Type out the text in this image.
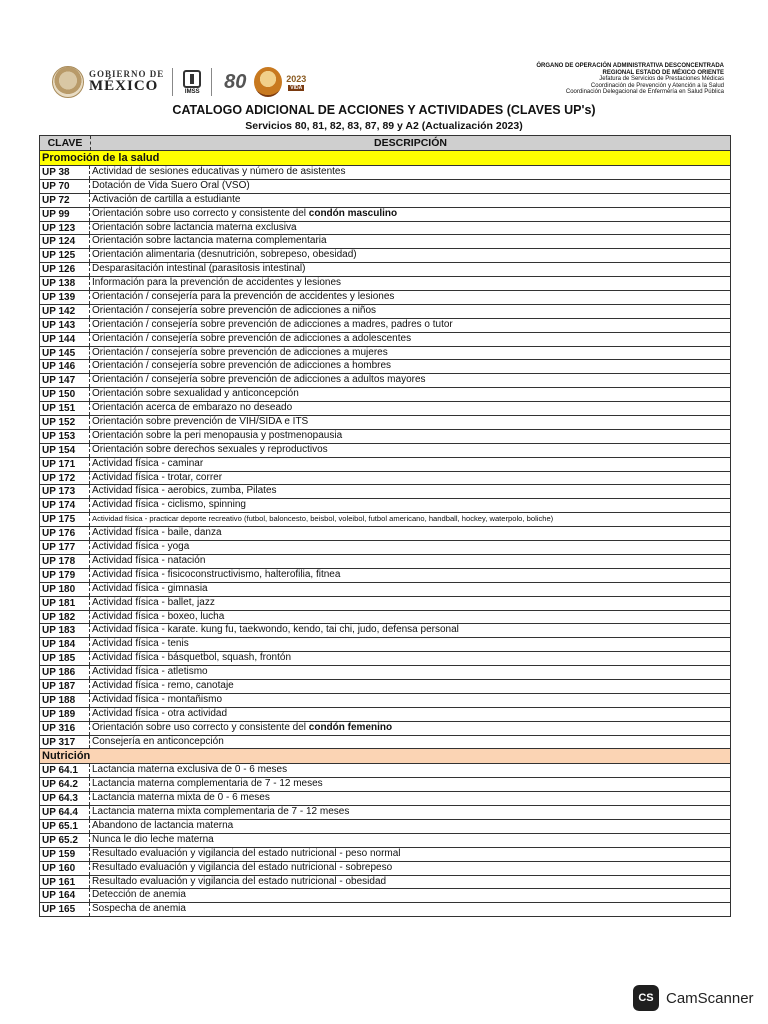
GOBIERNO DE
MÉXICO	IMSS 80	2023
VIDA
ÓRGANO DE OPERACIÓN ADMINISTRATIVA DESCONCENTRADA
REGIONAL ESTADO DE MÉXICO ORIENTE
Jefatura de Servicios de Prestaciones Médicas
Coordinación de Prevención y Atención a la Salud
Coordinación Delegacional de Enfermería en Salud Pública
CATALOGO ADICIONAL DE ACCIONES Y ACTIVIDADES (CLAVES UP's)
Servicios 80, 81, 82, 83, 87, 89 y A2 (Actualización 2023)
CLAVE	DESCRIPCIÓN
Promoción de la salud
UP 38	Actividad de sesiones educativas y número de asistentes
UP 70	Dotación de Vida Suero Oral (VSO)
UP 72	Activación de cartilla a estudiante
UP 99	Orientación sobre uso correcto y consistente del condón masculino
UP 123	Orientación sobre lactancia materna exclusiva
UP 124	Orientación sobre lactancia materna complementaria
UP 125	Orientación alimentaria (desnutrición, sobrepeso, obesidad)
UP 126	Desparasitación intestinal (parasitosis intestinal)
UP 138	Información para la prevención de accidentes y lesiones
UP 139	Orientación / consejería para la prevención de accidentes y lesiones
UP 142	Orientación / consejería sobre prevención de adicciones a niños
UP 143	Orientación / consejería sobre prevención de adicciones a madres, padres o tutor
UP 144	Orientación / consejería sobre prevención de adicciones a adolescentes
UP 145	Orientación / consejería sobre prevención de adicciones a mujeres
UP 146	Orientación / consejería sobre prevención de adicciones a hombres
UP 147	Orientación / consejería sobre prevención de adicciones a adultos mayores
UP 150	Orientación sobre sexualidad y anticoncepción
UP 151	Orientación acerca de embarazo no deseado
UP 152	Orientación sobre prevención de VIH/SIDA e ITS
UP 153	Orientación sobre la peri menopausia y postmenopausia
UP 154	Orientación sobre derechos sexuales y reproductivos
UP 171	Actividad física - caminar
UP 172	Actividad física - trotar, correr
UP 173	Actividad física - aerobics, zumba, Pilates
UP 174	Actividad física - ciclismo, spinning
UP 175	Actividad física - practicar deporte recreativo (futbol, baloncesto, beisbol, voleibol, futbol americano, handball, hockey, waterpolo, boliche)
UP 176	Actividad física - baile, danza
UP 177	Actividad física - yoga
UP 178	Actividad física - natación
UP 179	Actividad física - fisicoconstructivismo, halterofilia, fitnea
UP 180	Actividad física - gimnasia
UP 181	Actividad física - ballet, jazz
UP 182	Actividad física - boxeo, lucha
UP 183	Actividad física - karate. kung fu, taekwondo, kendo, tai chi, judo, defensa personal
UP 184	Actividad física - tenis
UP 185	Actividad física - básquetbol, squash, frontón
UP 186	Actividad física - atletismo
UP 187	Actividad física - remo, canotaje
UP 188	Actividad física - montañismo
UP 189	Actividad física - otra actividad
UP 316	Orientación sobre uso correcto y consistente del condón femenino
UP 317	Consejería en anticoncepción
Nutrición
UP 64.1	Lactancia materna exclusiva de 0 - 6 meses
UP 64.2	Lactancia materna complementaria de 7 - 12 meses
UP 64.3	Lactancia materna mixta de 0 - 6 meses
UP 64.4	Lactancia materna mixta complementaria de 7 - 12 meses
UP 65.1	Abandono de lactancia materna
UP 65.2	Nunca le dio leche materna
UP 159	Resultado evaluación y vigilancia del estado nutricional - peso normal
UP 160	Resultado evaluación y vigilancia del estado nutricional - sobrepeso
UP 161	Resultado evaluación y vigilancia del estado nutricional - obesidad
UP 164	Detección de anemia
UP 165	Sospecha de anemia
CS CamScanner
